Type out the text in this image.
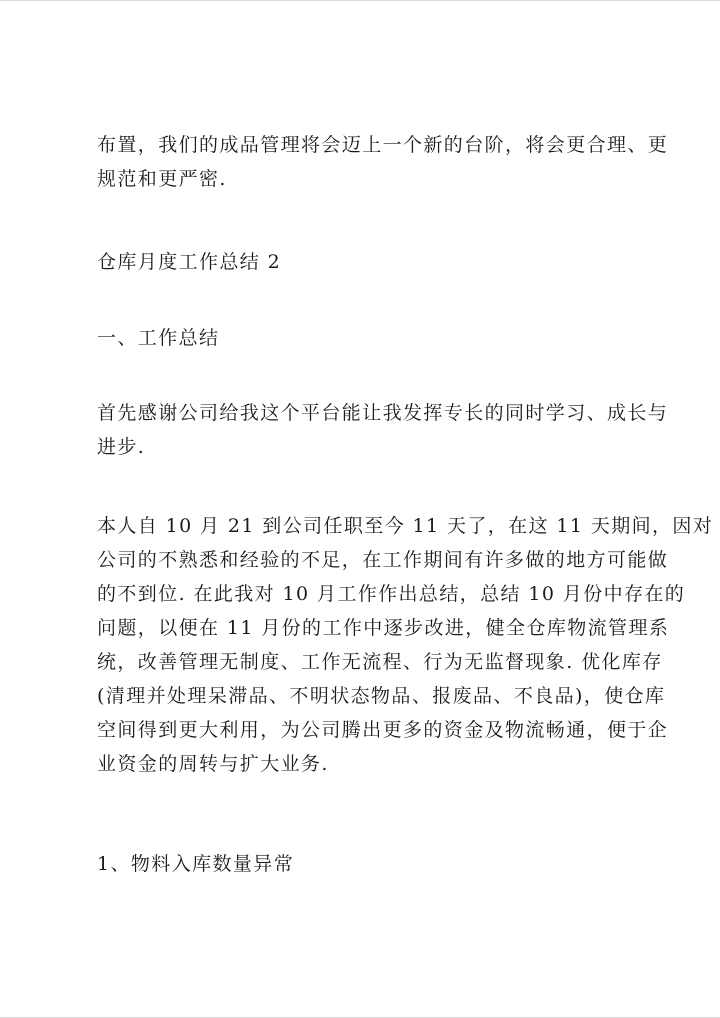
布置，我们的成品管理将会迈上一个新的台阶，将会更合理、更
规范和更严密.

仓库月度工作总结 2

一、工作总结

首先感谢公司给我这个平台能让我发挥专长的同时学习、成长与
进步.

本人自 10 月 21 到公司任职至今 11 天了，在这 11 天期间，因对
公司的不熟悉和经验的不足，在工作期间有许多做的地方可能做
的不到位. 在此我对 10 月工作作出总结，总结 10 月份中存在的
问题，以便在 11 月份的工作中逐步改进，健全仓库物流管理系
统，改善管理无制度、工作无流程、行为无监督现象. 优化库存
(清理并处理呆滞品、不明状态物品、报废品、不良品)，使仓库
空间得到更大利用，为公司腾出更多的资金及物流畅通，便于企
业资金的周转与扩大业务.

1、物料入库数量异常
